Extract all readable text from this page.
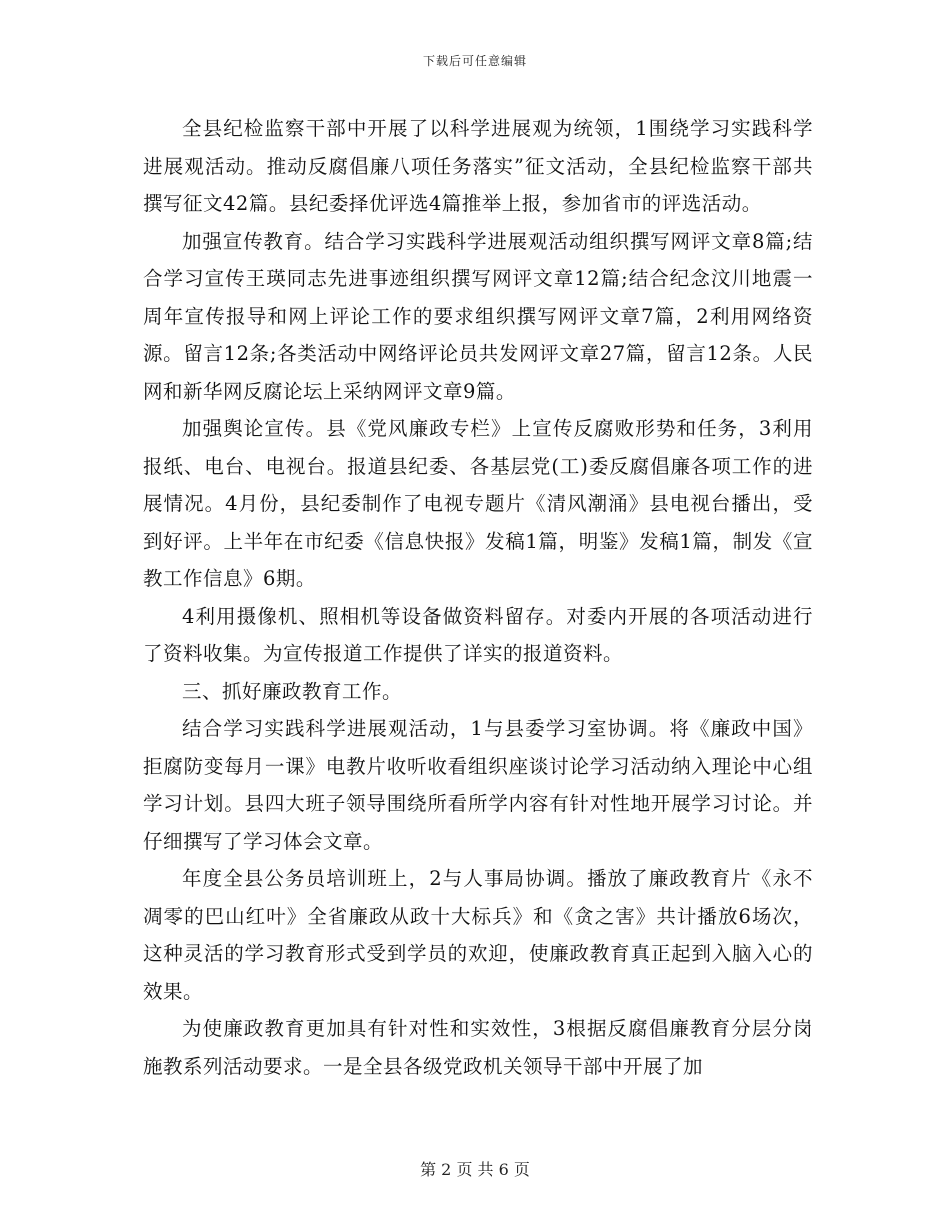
下载后可任意编辑

全县纪检监察干部中开展了以科学进展观为统领，1围绕学习实践科学进展观活动。推动反腐倡廉八项任务落实”征文活动，全县纪检监察干部共撰写征文42篇。县纪委择优评选4篇推举上报，参加省市的评选活动。

加强宣传教育。结合学习实践科学进展观活动组织撰写网评文章8篇;结合学习宣传王瑛同志先进事迹组织撰写网评文章12篇;结合纪念汶川地震一周年宣传报导和网上评论工作的要求组织撰写网评文章7篇，2利用网络资源。留言12条;各类活动中网络评论员共发网评文章27篇，留言12条。人民网和新华网反腐论坛上采纳网评文章9篇。

加强舆论宣传。县《党风廉政专栏》上宣传反腐败形势和任务，3利用报纸、电台、电视台。报道县纪委、各基层党(工)委反腐倡廉各项工作的进展情况。4月份，县纪委制作了电视专题片《清风潮涌》县电视台播出，受到好评。上半年在市纪委《信息快报》发稿1篇，明鉴》发稿1篇，制发《宣教工作信息》6期。

4利用摄像机、照相机等设备做资料留存。对委内开展的各项活动进行了资料收集。为宣传报道工作提供了详实的报道资料。

三、抓好廉政教育工作。

结合学习实践科学进展观活动，1与县委学习室协调。将《廉政中国》拒腐防变每月一课》电教片收听收看组织座谈讨论学习活动纳入理论中心组学习计划。县四大班子领导围绕所看所学内容有针对性地开展学习讨论。并仔细撰写了学习体会文章。

年度全县公务员培训班上，2与人事局协调。播放了廉政教育片《永不凋零的巴山红叶》全省廉政从政十大标兵》和《贪之害》共计播放6场次，这种灵活的学习教育形式受到学员的欢迎，使廉政教育真正起到入脑入心的效果。

为使廉政教育更加具有针对性和实效性，3根据反腐倡廉教育分层分岗施教系列活动要求。一是全县各级党政机关领导干部中开展了加

第 2 页 共 6 页
